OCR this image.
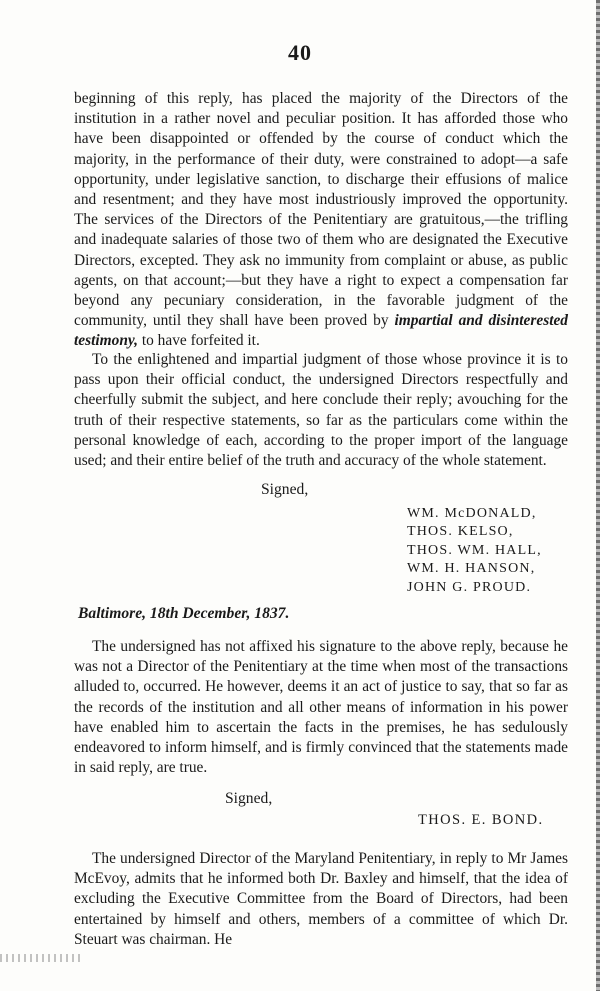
40

beginning of this reply, has placed the majority of the Directors of the institution in a rather novel and peculiar position. It has afforded those who have been disappointed or offended by the course of conduct which the majority, in the performance of their duty, were constrained to adopt—a safe opportunity, under legislative sanction, to discharge their effusions of malice and resentment; and they have most industriously improved the opportunity. The services of the Directors of the Penitentiary are gratuitous,—the trifling and inadequate salaries of those two of them who are designated the Executive Directors, excepted. They ask no immunity from complaint or abuse, as public agents, on that account;—but they have a right to expect a compensation far beyond any pecuniary consideration, in the favorable judgment of the community, until they shall have been proved by impartial and disinterested testimony, to have forfeited it.

To the enlightened and impartial judgment of those whose province it is to pass upon their official conduct, the undersigned Directors respectfully and cheerfully submit the subject, and here conclude their reply; avouching for the truth of their respective statements, so far as the particulars come within the personal knowledge of each, according to the proper import of the language used; and their entire belief of the truth and accuracy of the whole statement.

Signed,
WM. McDONALD,
THOS. KELSO,
THOS. WM. HALL,
WM. H. HANSON,
JOHN G. PROUD.
Baltimore, 18th December, 1837.

The undersigned has not affixed his signature to the above reply, because he was not a Director of the Penitentiary at the time when most of the transactions alluded to, occurred. He however, deems it an act of justice to say, that so far as the records of the institution and all other means of information in his power have enabled him to ascertain the facts in the premises, he has sedulously endeavored to inform himself, and is firmly convinced that the statements made in said reply, are true.

Signed,
THOS. E. BOND.

The undersigned Director of the Maryland Penitentiary, in reply to Mr James McEvoy, admits that he informed both Dr. Baxley and himself, that the idea of excluding the Executive Committee from the Board of Directors, had been entertained by himself and others, members of a committee of which Dr. Steuart was chairman. He
